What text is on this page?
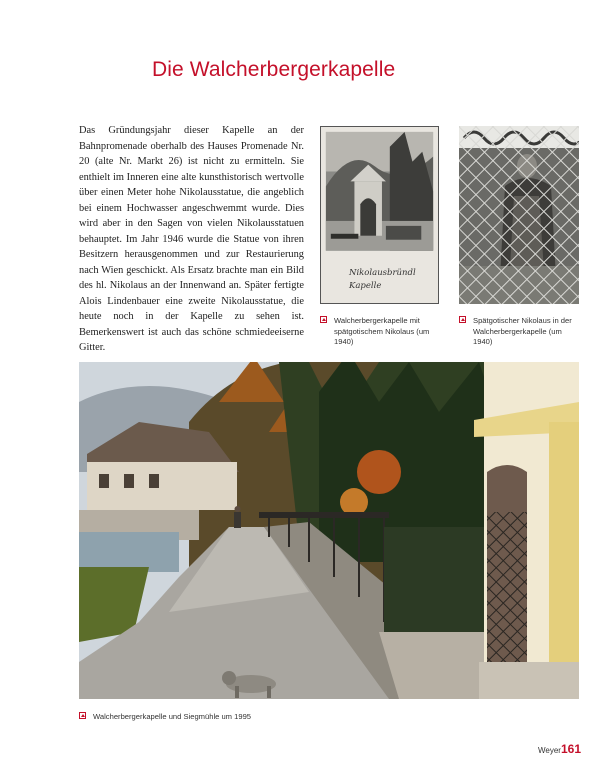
Die Walcherbergerkapelle

Das Gründungsjahr dieser Kapelle an der Bahnpromenade oberhalb des Hauses Promenade Nr. 20 (alte Nr. Markt 26) ist nicht zu ermitteln. Sie enthielt im Inneren eine alte kunsthistorisch wertvolle über einen Meter hohe Nikolausstatue, die angeblich bei einem Hochwasser angeschwemmt wurde. Dies wird aber in den Sagen von vielen Nikolausstatuen behauptet. Im Jahr 1946 wurde die Statue von ihren Besitzern herausgenommen und zur Restaurierung nach Wien geschickt. Als Ersatz brachte man ein Bild des hl. Nikolaus an der Innenwand an. Später fertigte Alois Lindenbauer eine zweite Nikolausstatue, die heute noch in der Kapelle zu sehen ist. Bemerkenswert ist auch das schöne schmiedeeiserne Gitter.

Nikolausbründl Kapelle
Walcherbergerkapelle mit spätgotischem Nikolaus (um 1940)
Spätgotischer Nikolaus in der Walcherbergerkapelle (um 1940)
Walcherbergerkapelle und Siegmühle um 1995
Weyer 161
